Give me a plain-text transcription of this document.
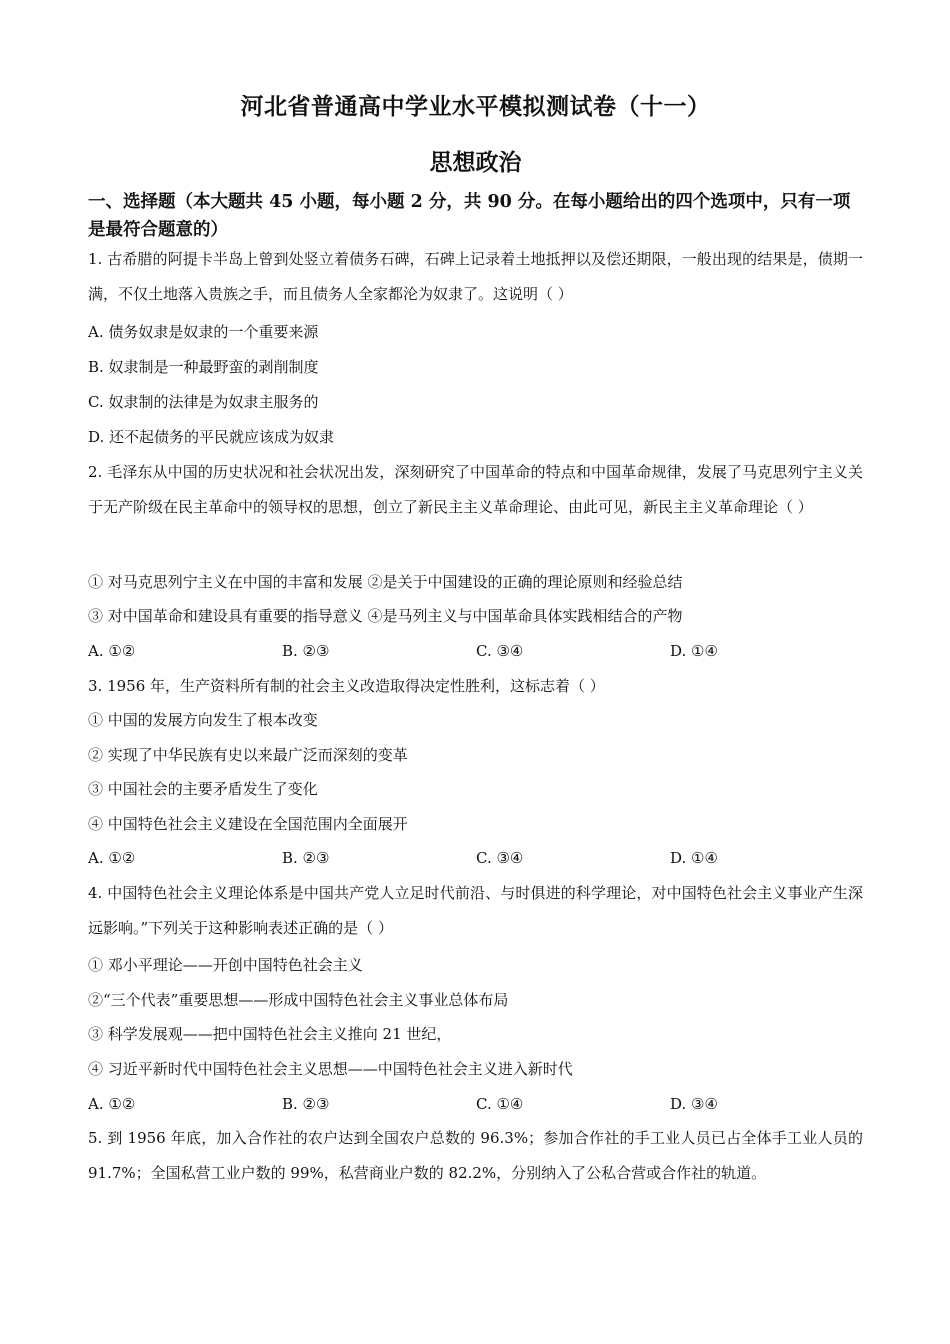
河北省普通高中学业水平模拟测试卷（十一）
思想政治
一、选择题（本大题共 45 小题，每小题 2 分，共 90 分。在每小题给出的四个选项中，只有一项是最符合题意的）
1. 古希腊的阿提卡半岛上曾到处竖立着债务石碑，石碑上记录着土地抵押以及偿还期限，一般出现的结果是，债期一满，不仅土地落入贵族之手，而且债务人全家都沦为奴隶了。这说明（ ）
A. 债务奴隶是奴隶的一个重要来源
B. 奴隶制是一种最野蛮的剥削制度
C. 奴隶制的法律是为奴隶主服务的
D. 还不起债务的平民就应该成为奴隶
2. 毛泽东从中国的历史状况和社会状况出发，深刻研究了中国革命的特点和中国革命规律，发展了马克思列宁主义关于无产阶级在民主革命中的领导权的思想，创立了新民主主义革命理论、由此可见，新民主主义革命理论（ ）
① 对马克思列宁主义在中国的丰富和发展 ②是关于中国建设的正确的理论原则和经验总结
③ 对中国革命和建设具有重要的指导意义 ④是马列主义与中国革命具体实践相结合的产物
A. ①②	B. ②③	C. ③④	D. ①④
3. 1956 年，生产资料所有制的社会主义改造取得决定性胜利，这标志着（ ）
① 中国的发展方向发生了根本改变
② 实现了中华民族有史以来最广泛而深刻的变革
③ 中国社会的主要矛盾发生了变化
④ 中国特色社会主义建设在全国范围内全面展开
A. ①②	B. ②③	C. ③④	D. ①④
4. 中国特色社会主义理论体系是中国共产党人立足时代前沿、与时俱进的科学理论，对中国特色社会主义事业产生深远影响。”下列关于这种影响表述正确的是（ ）
① 邓小平理论——开创中国特色社会主义
②“三个代表”重要思想——形成中国特色社会主义事业总体布局
③ 科学发展观——把中国特色社会主义推向 21 世纪，
④ 习近平新时代中国特色社会主义思想——中国特色社会主义进入新时代
A. ①②	B. ②③	C. ①④	D. ③④
5. 到 1956 年底，加入合作社的农户达到全国农户总数的 96.3%；参加合作社的手工业人员已占全体手工业人员的 91.7%；全国私营工业户数的 99%，私营商业户数的 82.2%，分别纳入了公私合营或合作社的轨道。
